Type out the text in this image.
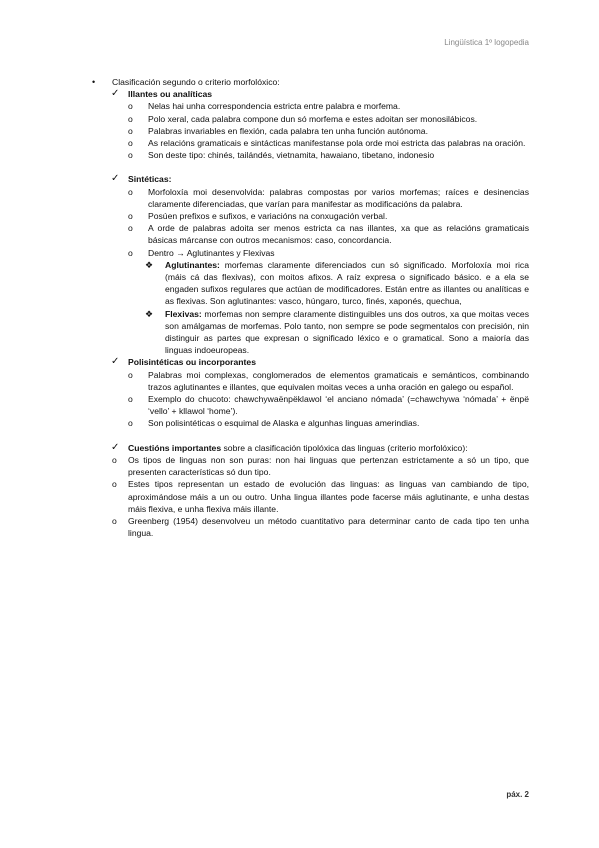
Lingüística 1º logopedia
• Clasificación segundo o criterio morfolóxico:
✓ Illantes ou analíticas
o Nelas hai unha correspondencia estricta entre palabra e morfema.
o Polo xeral, cada palabra compone dun só morfema e estes adoitan ser monosilábicos.
o Palabras invariables en flexión, cada palabra ten unha función autónoma.
o As relacións gramaticais e sintácticas manifestanse pola orde moi estricta das palabras na oración.
o Son deste tipo: chinés, tailándés, vietnamita, hawaiano, tibetano, indonesio
✓ Sintéticas:
o Morfoloxía moi desenvolvida: palabras compostas por varios morfemas; raíces e desinencias claramente diferenciadas, que varían para manifestar as modificacións da palabra.
o Posúen prefixos e sufixos, e variacións na conxugación verbal.
o A orde de palabras adoita ser menos estricta ca nas illantes, xa que as relacións gramaticais básicas márcanse con outros mecanismos: caso, concordancia.
o Dentro → Aglutinantes y Flexivas
❖ Aglutinantes: morfemas claramente diferenciados cun só significado. Morfoloxía moi rica (máis cá das flexivas), con moitos afixos. A raíz expresa o significado básico. e a ela se engaden sufixos regulares que actúan de modificadores. Están entre as illantes ou analíticas e as flexivas. Son aglutinantes: vasco, húngaro, turco, finés, xaponés, quechua,
❖ Flexivas: morfemas non sempre claramente distinguibles uns dos outros, xa que moitas veces son amálgamas de morfemas. Polo tanto, non sempre se pode segmentalos con precisión, nin distinguir as partes que expresan o significado léxico e o gramatical. Sono a maioría das linguas indoeuropeas.
✓ Polisintéticas ou incorporantes
o Palabras moi complexas, conglomerados de elementos gramaticais e semánticos, combinando trazos aglutinantes e illantes, que equivalen moitas veces a unha oración en galego ou español.
o Exemplo do chucoto: chawchywaënpëklawol ‘el anciano nómada’ (=chawchywa ‘nómada’ + ënpë ‘vello’ + kllawol ‘home’).
o Son polisintéticas o esquimal de Alaska e algunhas linguas amerindias.
✓ Cuestións importantes sobre a clasificación tipolóxica das linguas (criterio morfolóxico):
o Os tipos de linguas non son puras: non hai linguas que pertenzan estrictamente a só un tipo, que presenten características só dun tipo.
o Estes tipos representan un estado de evolución das linguas: as linguas van cambiando de tipo, aproximándose máis a un ou outro. Unha lingua illantes pode facerse máis aglutinante, e unha destas máis flexiva, e unha flexiva máis illante.
o Greenberg (1954) desenvolveu un método cuantitativo para determinar canto de cada tipo ten unha lingua.
páx. 2
